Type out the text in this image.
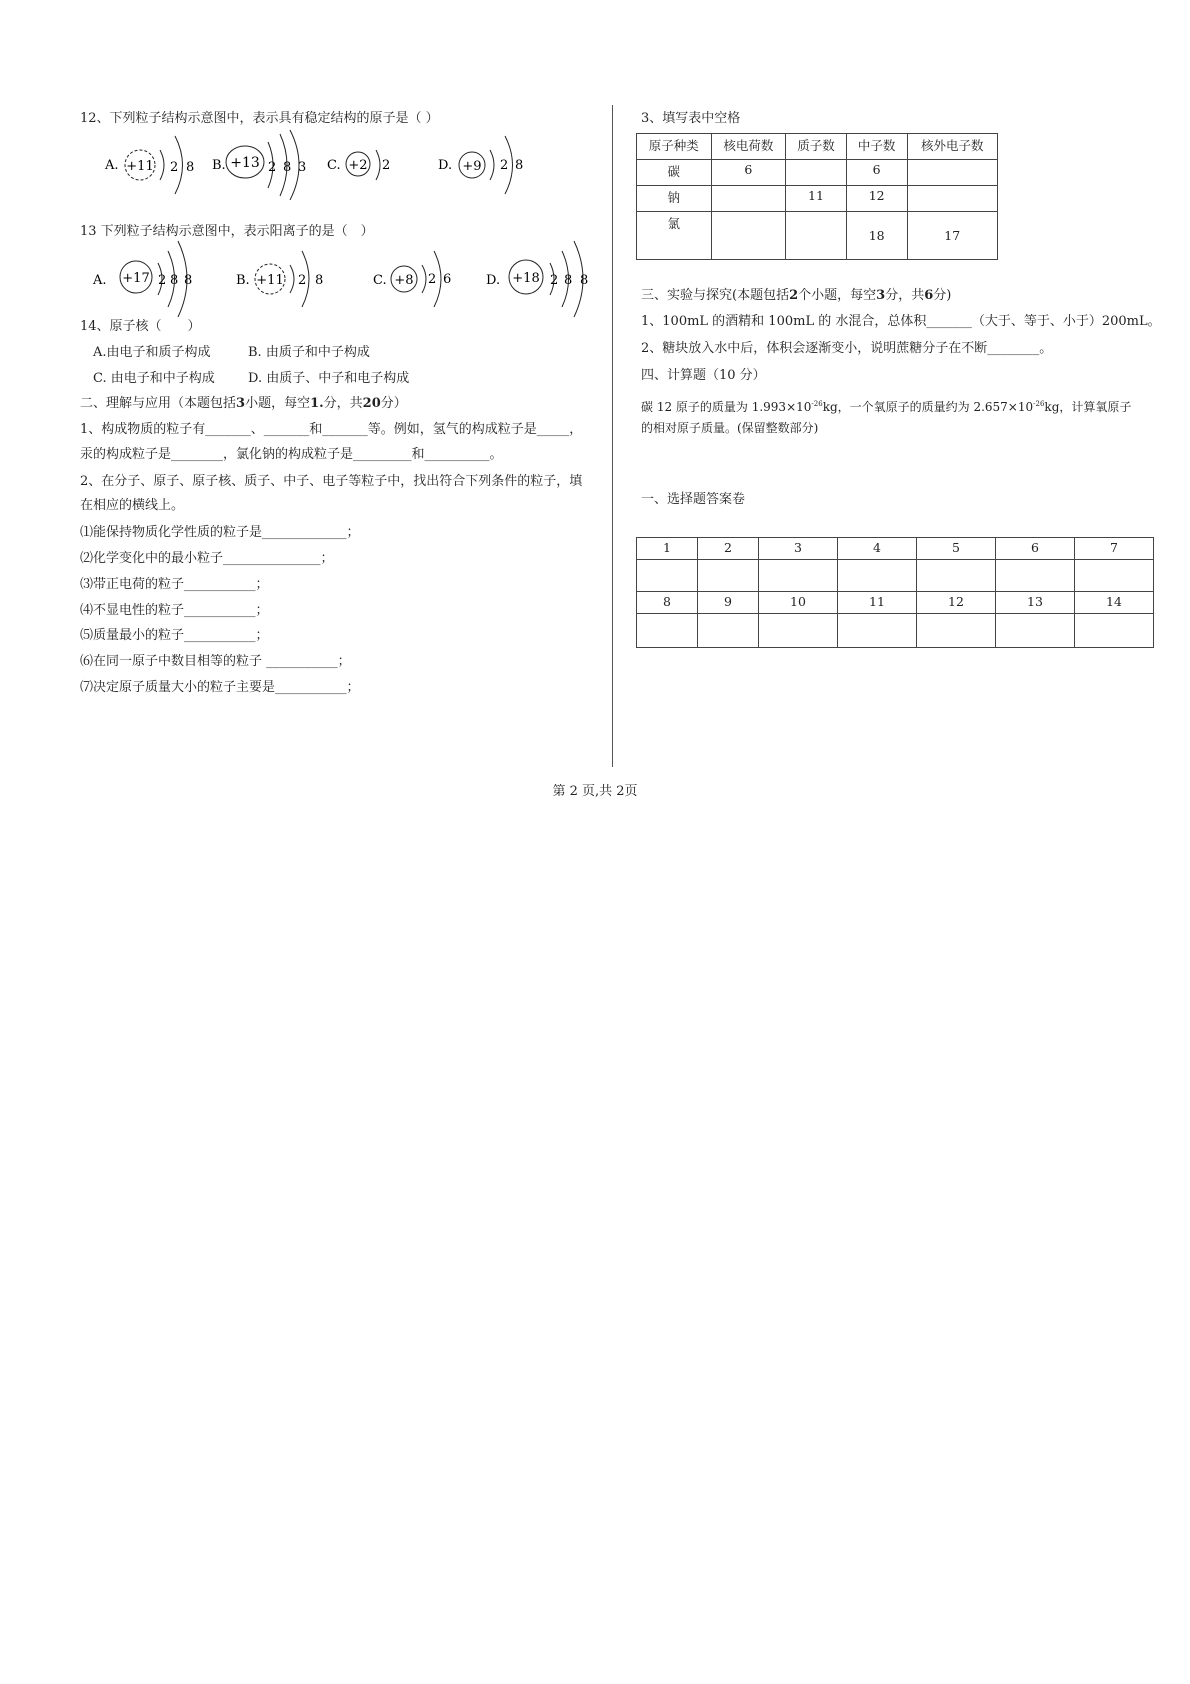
12、下列粒子结构示意图中，表示具有稳定结构的原子是（ ）
A. +11 2 8 B. +13 2 8 3 C. +2 2	D. +9 2 8
13 下列粒子结构示意图中，表示阳离子的是（　）
A. +17 2 8 8	B. +11 2 8	C. +8 2 6	D. +18 2 8 8
14、原子核（　　）
A.由电子和质子构成	B. 由质子和中子构成
C. 由电子和中子构成	D. 由质子、中子和电子构成
二、理解与应用（本题包括3小题，每空1.分，共20分）
1、构成物质的粒子有_______、_______和_______等。例如，氢气的构成粒子是_____，
汞的构成粒子是________，氯化钠的构成粒子是_________和__________。
2、在分子、原子、原子核、质子、中子、电子等粒子中，找出符合下列条件的粒子，填
在相应的横线上。
⑴能保持物质化学性质的粒子是_____________；
⑵化学变化中的最小粒子_______________；
⑶带正电荷的粒子___________；
⑷不显电性的粒子___________；
⑸质量最小的粒子___________；
⑹在同一原子中数目相等的粒子 ___________；
⑺决定原子质量大小的粒子主要是___________；
3、填写表中空格
原子种类	核电荷数	质子数	中子数	核外电子数
碳	6		6	
钠		11	12	
氯			18	17
三、实验与探究(本题包括2个小题，每空3分，共6分)
1、100mL 的酒精和 100mL 的 水混合，总体积_______（大于、等于、小于）200mL。
2、糖块放入水中后，体积会逐渐变小，说明蔗糖分子在不断________。
四、计算题（10 分）
碳 12 原子的质量为 $1.993\times 10^{-26}kg$，一个氧原子的质量约为 $2.657\times 10^{-26}kg$，计算氧原子
的相对原子质量。(保留整数部分)
一、选择题答案卷
1	2	3	4	5	6	7

8	9	10	11	12	13	14

第 2 页,共 2页
